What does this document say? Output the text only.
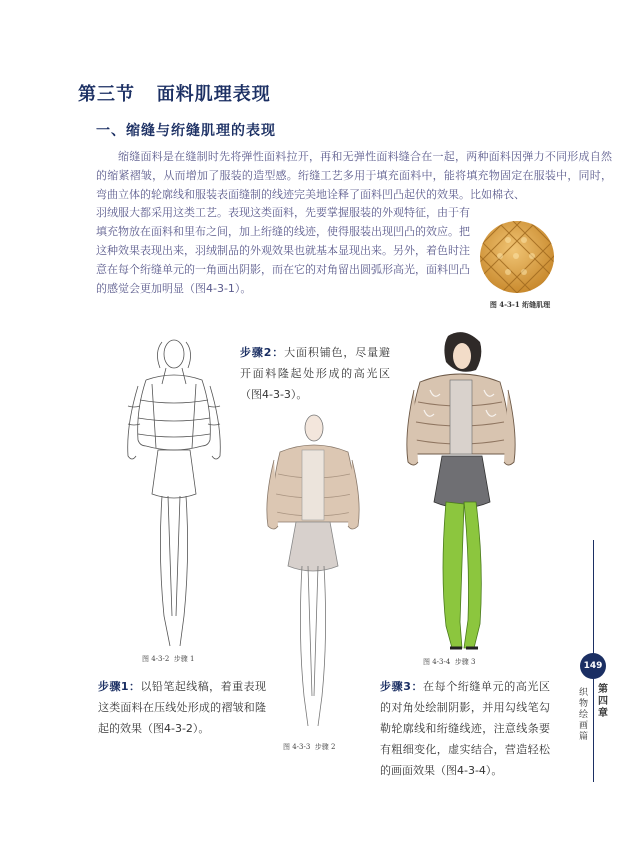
第三节   面料肌理表现
一、缩缝与绗缝肌理的表现
缩缝面料是在缝制时先将弹性面料拉开，再和无弹性面料缝合在一起，两种面料因弹力不同形成自然的缩紧褶皱，从而增加了服装的造型感。绗缝工艺多用于填充面料中，能将填充物固定在服装中，同时，弯曲立体的轮廓线和服装表面缝制的线迹完美地诠释了面料凹凸起伏的效果。比如棉衣、
羽绒服大都采用这类工艺。表现这类面料，先要掌握服装的外观特征，由于有填充物放在面料和里布之间，加上绗缝的线迹，使得服装出现凹凸的效应。把这种效果表现出来，羽绒制品的外观效果也就基本显现出来。另外，着色时注意在每个绗缝单元的一角画出阴影，而在它的对角留出圆弧形高光，面料凹凸的感觉会更加明显（图4-3-1）。
图 4-3-1 绗缝肌理
图 4-3-2  步骤 1
图 4-3-3  步骤 2
图 4-3-4  步骤 3
步骤2：大面积铺色，尽量避开面料隆起处形成的高光区（图4-3-3）。
步骤1：以铅笔起线稿，着重表现这类面料在压线处形成的褶皱和隆起的效果（图4-3-2）。
步骤3：在每个绗缝单元的高光区的对角处绘制阴影，并用勾线笔勾勒轮廓线和绗缝线迹，注意线条要有粗细变化，虚实结合，营造轻松的画面效果（图4-3-4）。
149
第四章
织物绘画篇
